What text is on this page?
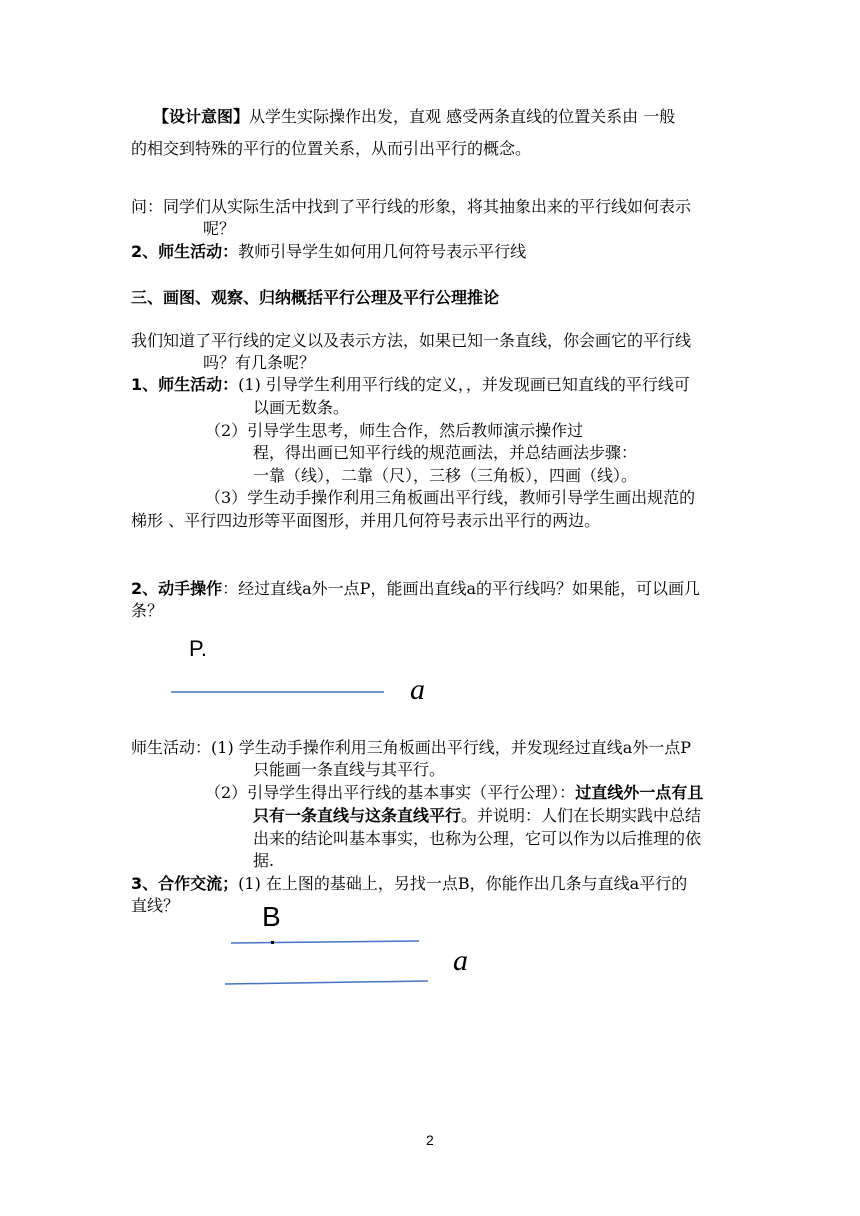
【设计意图】从学生实际操作出发，直观 感受两条直线的位置关系由 一般
的相交到特殊的平行的位置关系，从而引出平行的概念。
问：同学们从实际生活中找到了平行线的形象，将其抽象出来的平行线如何表示
呢？
2、师生活动：教师引导学生如何用几何符号表示平行线
三、画图、观察、归纳概括平行公理及平行公理推论
我们知道了平行线的定义以及表示方法，如果已知一条直线，你会画它的平行线
吗？有几条呢？
1、师生活动：(1) 引导学生利用平行线的定义，，并发现画已知直线的平行线可
以画无数条。
（2）引导学生思考，师生合作，然后教师演示操作过
程，得出画已知平行线的规范画法，并总结画法步骤：
一靠（线），二靠（尺），三移（三角板），四画（线）。
（3）学生动手操作利用三角板画出平行线，教师引导学生画出规范的
梯形 、平行四边形等平面图形，并用几何符号表示出平行的两边。
2、动手操作：经过直线a外一点P，能画出直线a的平行线吗？如果能，可以画几
条？
P.
a
师生活动：(1) 学生动手操作利用三角板画出平行线，并发现经过直线a外一点P
只能画一条直线与其平行。
（2）引导学生得出平行线的基本事实（平行公理）：过直线外一点有且
只有一条直线与这条直线平行。并说明：人们在长期实践中总结
出来的结论叫基本事实，也称为公理，它可以作为以后推理的依
据.
3、合作交流；(1) 在上图的基础上，另找一点B，你能作出几条与直线a平行的
直线？	B
a
2
